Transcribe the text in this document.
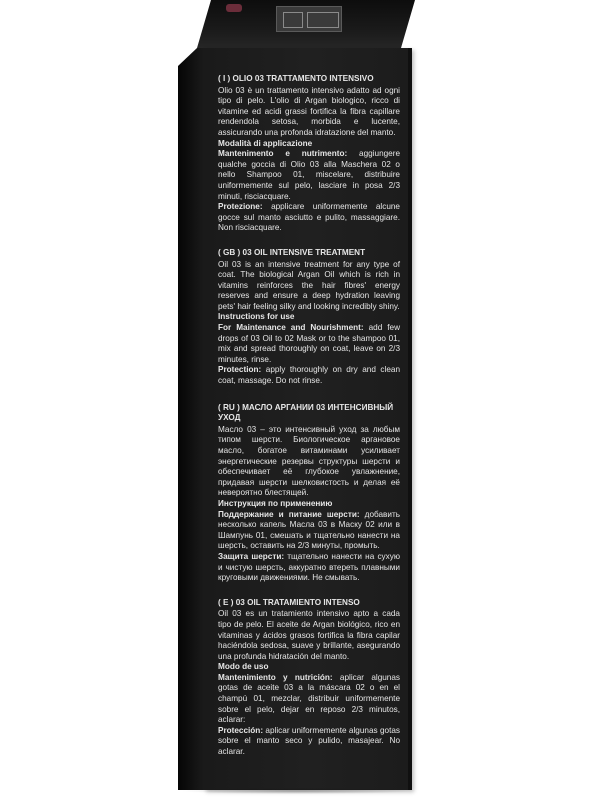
( I ) OLIO 03 TRATTAMENTO INTENSIVO
Olio 03 è un trattamento intensivo adatto ad ogni tipo di pelo. L'olio di Argan biologico, ricco di vitamine ed acidi grassi fortifica la fibra capillare rendendola setosa, morbida e lucente, assicurando una profonda idratazione del manto.
Modalità di applicazione
Mantenimento e nutrimento: aggiungere qualche goccia di Olio 03 alla Maschera 02 o nello Shampoo 01, miscelare, distribuire uniformemente sul pelo, lasciare in posa 2/3 minuti, risciacquare.
Protezione: applicare uniformemente alcune gocce sul manto asciutto e pulito, massaggiare. Non risciacquare.
( GB ) 03 OIL INTENSIVE TREATMENT
Oil 03 is an intensive treatment for any type of coat. The biological Argan Oil which is rich in vitamins reinforces the hair fibres' energy reserves and ensure a deep hydration leaving pets' hair feeling silky and looking incredibly shiny.
Instructions for use
For Maintenance and Nourishment: add few drops of 03 Oil to 02 Mask or to the shampoo 01, mix and spread thoroughly on coat, leave on 2/3 minutes, rinse.
Protection: apply thoroughly on dry and clean coat, massage. Do not rinse.
( RU ) МАСЛО АРГАНИИ 03 ИНТЕНСИВНЫЙ УХОД
Масло 03 – это интенсивный уход за любым типом шерсти. Биологическое аргановое масло, богатое витаминами усиливает энергетические резервы структуры шерсти и обеспечивает её глубокое увлажнение, придавая шерсти шелковистость и делая её невероятно блестящей.
Инструкция по применению
Поддержание и питание шерсти: добавить несколько капель Масла 03 в Маску 02 или в Шампунь 01, смешать и тщательно нанести на шерсть, оставить на 2/3 минуты, промыть.
Защита шерсти: тщательно нанести на сухую и чистую шерсть, аккуратно втереть плавными круговыми движениями. Не смывать.
( E ) 03 OIL TRATAMIENTO INTENSO
Oil 03 es un tratamiento intensivo apto a cada tipo de pelo. El aceite de Argan biológico, rico en vitaminas y ácidos grasos fortifica la fibra capilar haciéndola sedosa, suave y brillante, asegurando una profunda hidratación del manto.
Modo de uso
Mantenimiento y nutrición: aplicar algunas gotas de aceite 03 a la máscara 02 o en el champú 01, mezclar, distribuir uniformemente sobre el pelo, dejar en reposo 2/3 minutos, aclarar:
Protección: aplicar uniformemente algunas gotas sobre el manto seco y pulido, masajear. No aclarar.
